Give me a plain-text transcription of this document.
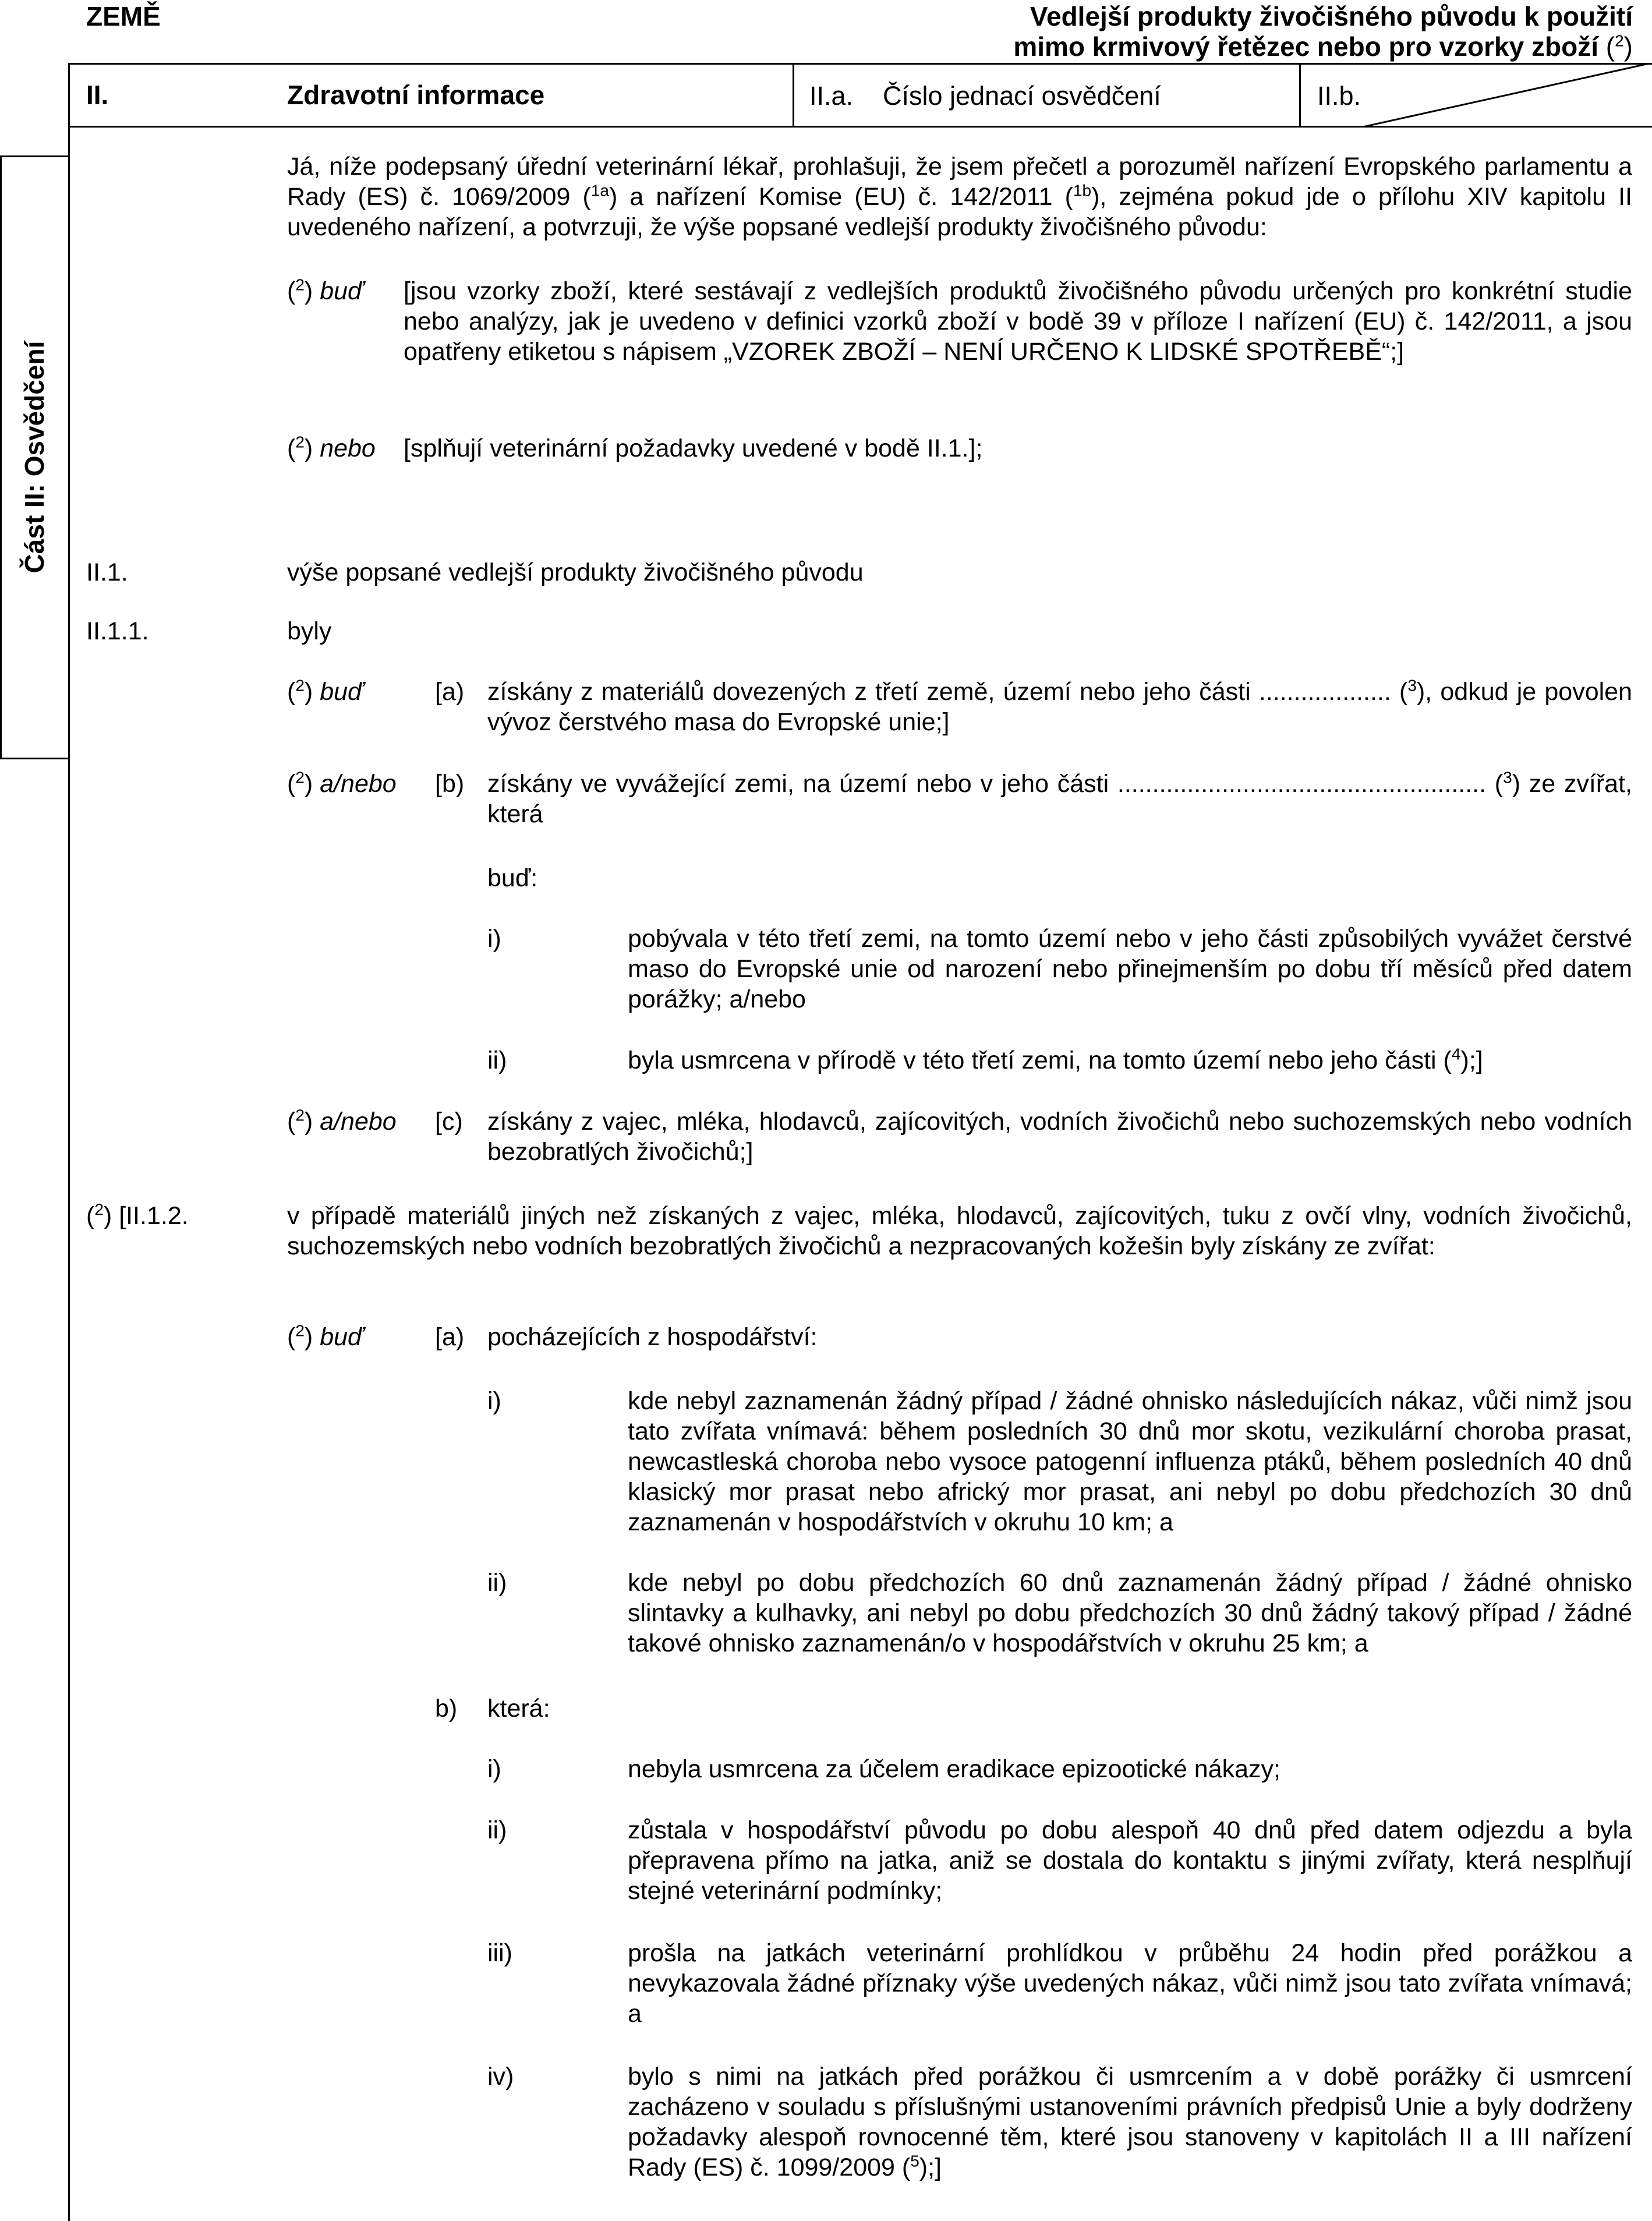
Část II: Osvědčení
ZEMĚ	Vedlejší produkty živočišného původu k použití
mimo krmivový řetězec nebo pro vzorky zboží ($^2$)
II.	Zdravotní informace	II.a. Číslo jednací osvědčení	II.b.
Já, níže podepsaný úřední veterinární lékař, prohlašuji, že jsem přečetl a porozuměl nařízení Evropského parlamentu a Rady (ES) č. 1069/2009 ($^{1a}$) a nařízení Komise (EU) č. 142/2011 ($^{1b}$), zejména pokud jde o přílohu XIV kapitolu II uvedeného nařízení, a potvrzuji, že výše popsané vedlejší produkty živočišného původu:
($^2$) buď [jsou vzorky zboží, které sestávají z vedlejších produktů živočišného původu určených pro konkrétní studie nebo analýzy, jak je uvedeno v definici vzorků zboží v bodě 39 v příloze I nařízení (EU) č. 142/2011, a jsou opatřeny etiketou s nápisem „VZOREK ZBOŽÍ – NENÍ URČENO K LIDSKÉ SPOTŘEBĚ“;]
($^2$) nebo [splňují veterinární požadavky uvedené v bodě II.1.];
II.1.	výše popsané vedlejší produkty živočišného původu
II.1.1.	byly
($^2$) buď	[a) získány z materiálů dovezených z třetí země, území nebo jeho části ................... ($^3$), odkud je povolen vývoz čerstvého masa do Evropské unie;]
($^2$) a/nebo [b) získány ve vyvážející zemi, na území nebo v jeho části ..................................................... ($^3$) ze zvířat, která
buď:
i)	pobývala v této třetí zemi, na tomto území nebo v jeho části způsobilých vyvážet čerstvé maso do Evropské unie od narození nebo přinejmenším po dobu tří měsíců před datem porážky; a/nebo
ii)	byla usmrcena v přírodě v této třetí zemi, na tomto území nebo jeho části ($^4$);]
($^2$) a/nebo [c) získány z vajec, mléka, hlodavců, zajícovitých, vodních živočichů nebo suchozemských nebo vodních bezobratlých živočichů;]
($^2$) [II.1.2.	v případě materiálů jiných než získaných z vajec, mléka, hlodavců, zajícovitých, tuku z ovčí vlny, vodních živočichů, suchozemských nebo vodních bezobratlých živočichů a nezpracovaných kožešin byly získány ze zvířat:
($^2$) buď	[a) pocházejících z hospodářství:
i)	kde nebyl zaznamenán žádný případ / žádné ohnisko následujících nákaz, vůči nimž jsou tato zvířata vnímavá: během posledních 30 dnů mor skotu, vezikulární choroba prasat, newcastleská choroba nebo vysoce patogenní influenza ptáků, během posledních 40 dnů klasický mor prasat nebo africký mor prasat, ani nebyl po dobu předchozích 30 dnů zaznamenán v hospodářstvích v okruhu 10 km; a
ii)	kde nebyl po dobu předchozích 60 dnů zaznamenán žádný případ / žádné ohnisko slintavky a kulhavky, ani nebyl po dobu předchozích 30 dnů žádný takový případ / žádné takové ohnisko zaznamenán/o v hospodářstvích v okruhu 25 km; a
b) která:
i)	nebyla usmrcena za účelem eradikace epizootické nákazy;
ii)	zůstala v hospodářství původu po dobu alespoň 40 dnů před datem odjezdu a byla přepravena přímo na jatka, aniž se dostala do kontaktu s jinými zvířaty, která nesplňují stejné veterinární podmínky;
iii)	prošla na jatkách veterinární prohlídkou v průběhu 24 hodin před porážkou a nevykazovala žádné příznaky výše uvedených nákaz, vůči nimž jsou tato zvířata vnímavá; a
iv)	bylo s nimi na jatkách před porážkou či usmrcením a v době porážky či usmrcení zacházeno v souladu s příslušnými ustanoveními právních předpisů Unie a byly dodrženy požadavky alespoň rovnocenné těm, které jsou stanoveny v kapitolách II a III nařízení Rady (ES) č. 1099/2009 ($^5$);]
